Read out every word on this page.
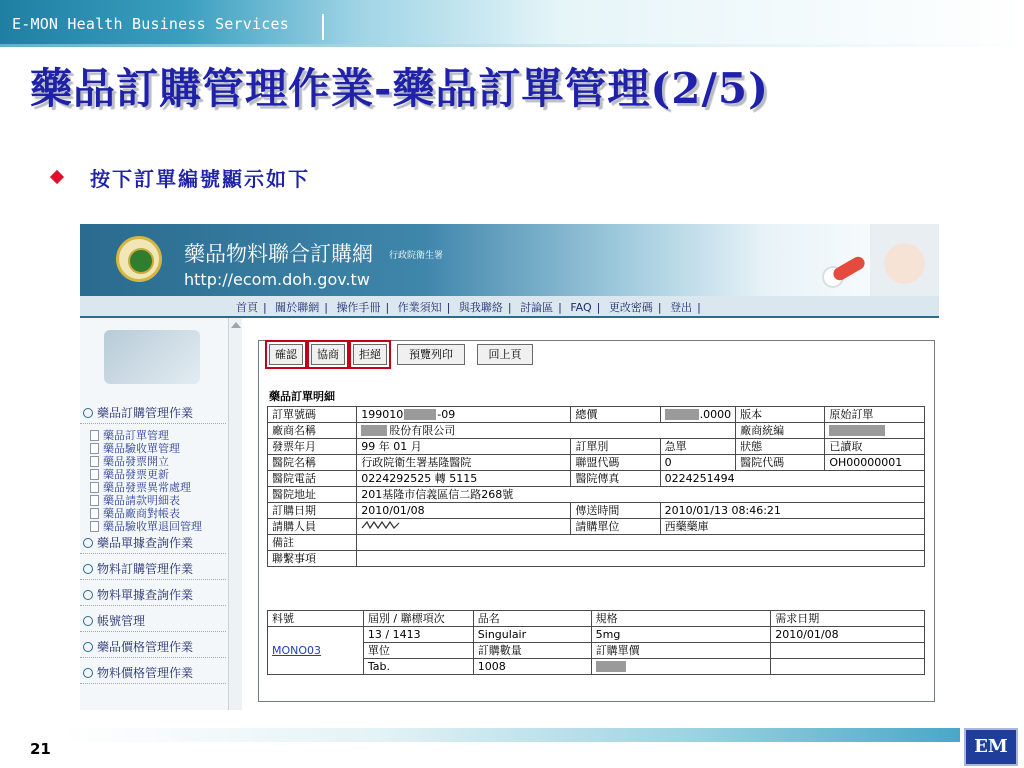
E-MON Health Business Services
藥品訂購管理作業-藥品訂單管理(2/5)
按下訂單編號顯示如下
藥品物料聯合訂購網 行政院衛生署
http://ecom.doh.gov.tw
首頁 | 關於聯網 | 操作手冊 | 作業須知 | 與我聯絡 | 討論區 | FAQ | 更改密碼 | 登出 |
藥品訂購管理作業
藥品訂單管理
藥品驗收單管理
藥品發票開立
藥品發票更新
藥品發票異常處理
藥品請款明細表
藥品廠商對帳表
藥品驗收單退回管理
藥品單據查詢作業
物料訂購管理作業
物料單據查詢作業
帳號管理
藥品價格管理作業
物料價格管理作業
確認	協商	拒絕	預覽列印	回上頁
藥品訂單明細
訂單號碼	199010 -09	總價	.0000	版本	原始訂單
廠商名稱	股份有限公司			廠商統編	
發票年月	99 年 01 月	訂單別	急單	狀態	已讀取
醫院名稱	行政院衛生署基隆醫院	聯盟代碼	0	醫院代碼	OH00000001
醫院電話	0224292525 轉 5115	醫院傳真	0224251494		
醫院地址	201基隆市信義區信二路268號				
訂購日期	2010/01/08	傳送時間	2010/01/13 08:46:21		
請購人員		請購單位	西藥藥庫		
備註					
聯繫事項					
料號	屆別 / 聯標項次	品名	規格	需求日期
MONO03	13 / 1413	Singulair	5mg	2010/01/08
	單位	訂購數量	訂購單價	
	Tab.	1008		
21	EM
